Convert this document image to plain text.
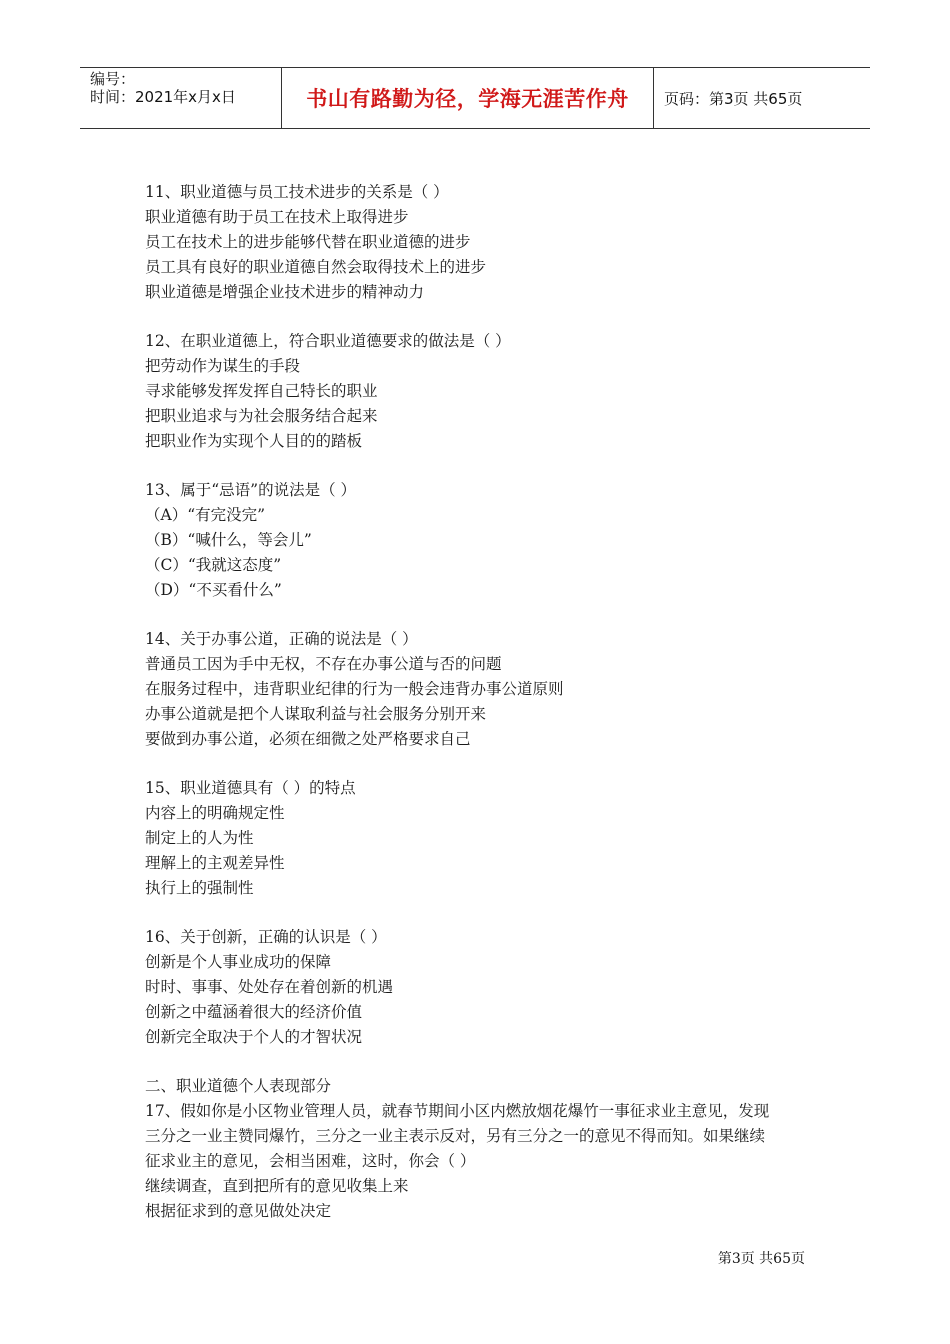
编号：
时间：2021年x月x日	书山有路勤为径，学海无涯苦作舟	页码：第3页 共65页
11、职业道德与员工技术进步的关系是（ ）
职业道德有助于员工在技术上取得进步
员工在技术上的进步能够代替在职业道德的进步
员工具有良好的职业道德自然会取得技术上的进步
职业道德是增强企业技术进步的精神动力
12、在职业道德上，符合职业道德要求的做法是（ ）
把劳动作为谋生的手段
寻求能够发挥发挥自己特长的职业
把职业追求与为社会服务结合起来
把职业作为实现个人目的的踏板
13、属于“忌语”的说法是（ ）
（A）“有完没完”
（B）“喊什么，等会儿”
（C）“我就这态度”
（D）“不买看什么”
14、关于办事公道，正确的说法是（ ）
普通员工因为手中无权，不存在办事公道与否的问题
在服务过程中，违背职业纪律的行为一般会违背办事公道原则
办事公道就是把个人谋取利益与社会服务分别开来
要做到办事公道，必须在细微之处严格要求自己
15、职业道德具有（ ）的特点
内容上的明确规定性
制定上的人为性
理解上的主观差异性
执行上的强制性
16、关于创新，正确的认识是（ ）
创新是个人事业成功的保障
时时、事事、处处存在着创新的机遇
创新之中蕴涵着很大的经济价值
创新完全取决于个人的才智状况
二、职业道德个人表现部分
17、假如你是小区物业管理人员，就春节期间小区内燃放烟花爆竹一事征求业主意见，发现
三分之一业主赞同爆竹，三分之一业主表示反对，另有三分之一的意见不得而知。如果继续
征求业主的意见，会相当困难，这时，你会（ ）
继续调查，直到把所有的意见收集上来
根据征求到的意见做处决定
第3页 共65页
